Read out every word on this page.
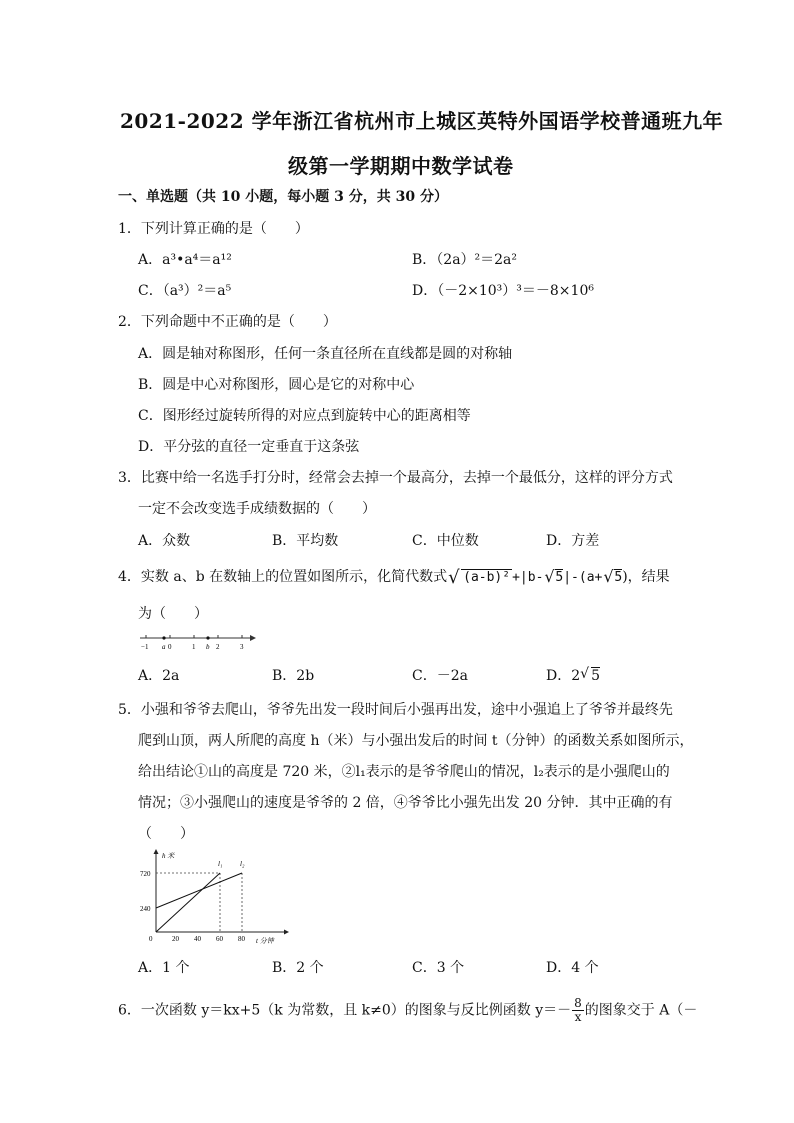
2021-2022 学年浙江省杭州市上城区英特外国语学校普通班九年
级第一学期期中数学试卷
一、单选题（共 10 小题，每小题 3 分，共 30 分）
1．下列计算正确的是（　　）
A．a³•a⁴＝a¹²	B．（2a）²＝2a²
C．（a³）²＝a⁵	D．（－2×10³）³＝－8×10⁶
2．下列命题中不正确的是（　　）
A．圆是轴对称图形，任何一条直径所在直线都是圆的对称轴
B．圆是中心对称图形，圆心是它的对称中心
C．图形经过旋转所得的对应点到旋转中心的距离相等
D．平分弦的直径一定垂直于这条弦
3．比赛中给一名选手打分时，经常会去掉一个最高分，去掉一个最低分，这样的评分方式
一定不会改变选手成绩数据的（　　）
A．众数	B．平均数	C．中位数	D．方差
4．实数 a、b 在数轴上的位置如图所示，化简代数式 √ (a-b)² +|b- √ 5|-(a+ √ 5)，结果
为（　　）
−1 a 0	1 b 2	3
A．2a	B．2b	C．－2a	D．2 √ 5
5．小强和爷爷去爬山，爷爷先出发一段时间后小强再出发，途中小强追上了爷爷并最终先
爬到山顶，两人所爬的高度 h（米）与小强出发后的时间 t（分钟）的函数关系如图所示，
给出结论①山的高度是 720 米，②l₁表示的是爷爷爬山的情况，l₂表示的是小强爬山的
情况；③小强爬山的速度是爷爷的 2 倍，④爷爷比小强先出发 20 分钟．其中正确的有
（　　）
h 米
t 分钟
720
240
0	20 40 60 80
l₁	l₂
A．1 个	B．2 个	C．3 个	D．4 个
6．一次函数 y＝kx+5（k 为常数，且 k≠0）的图象与反比例函数 $y=- \frac{8}{x}$ 的图象交于 A（－
